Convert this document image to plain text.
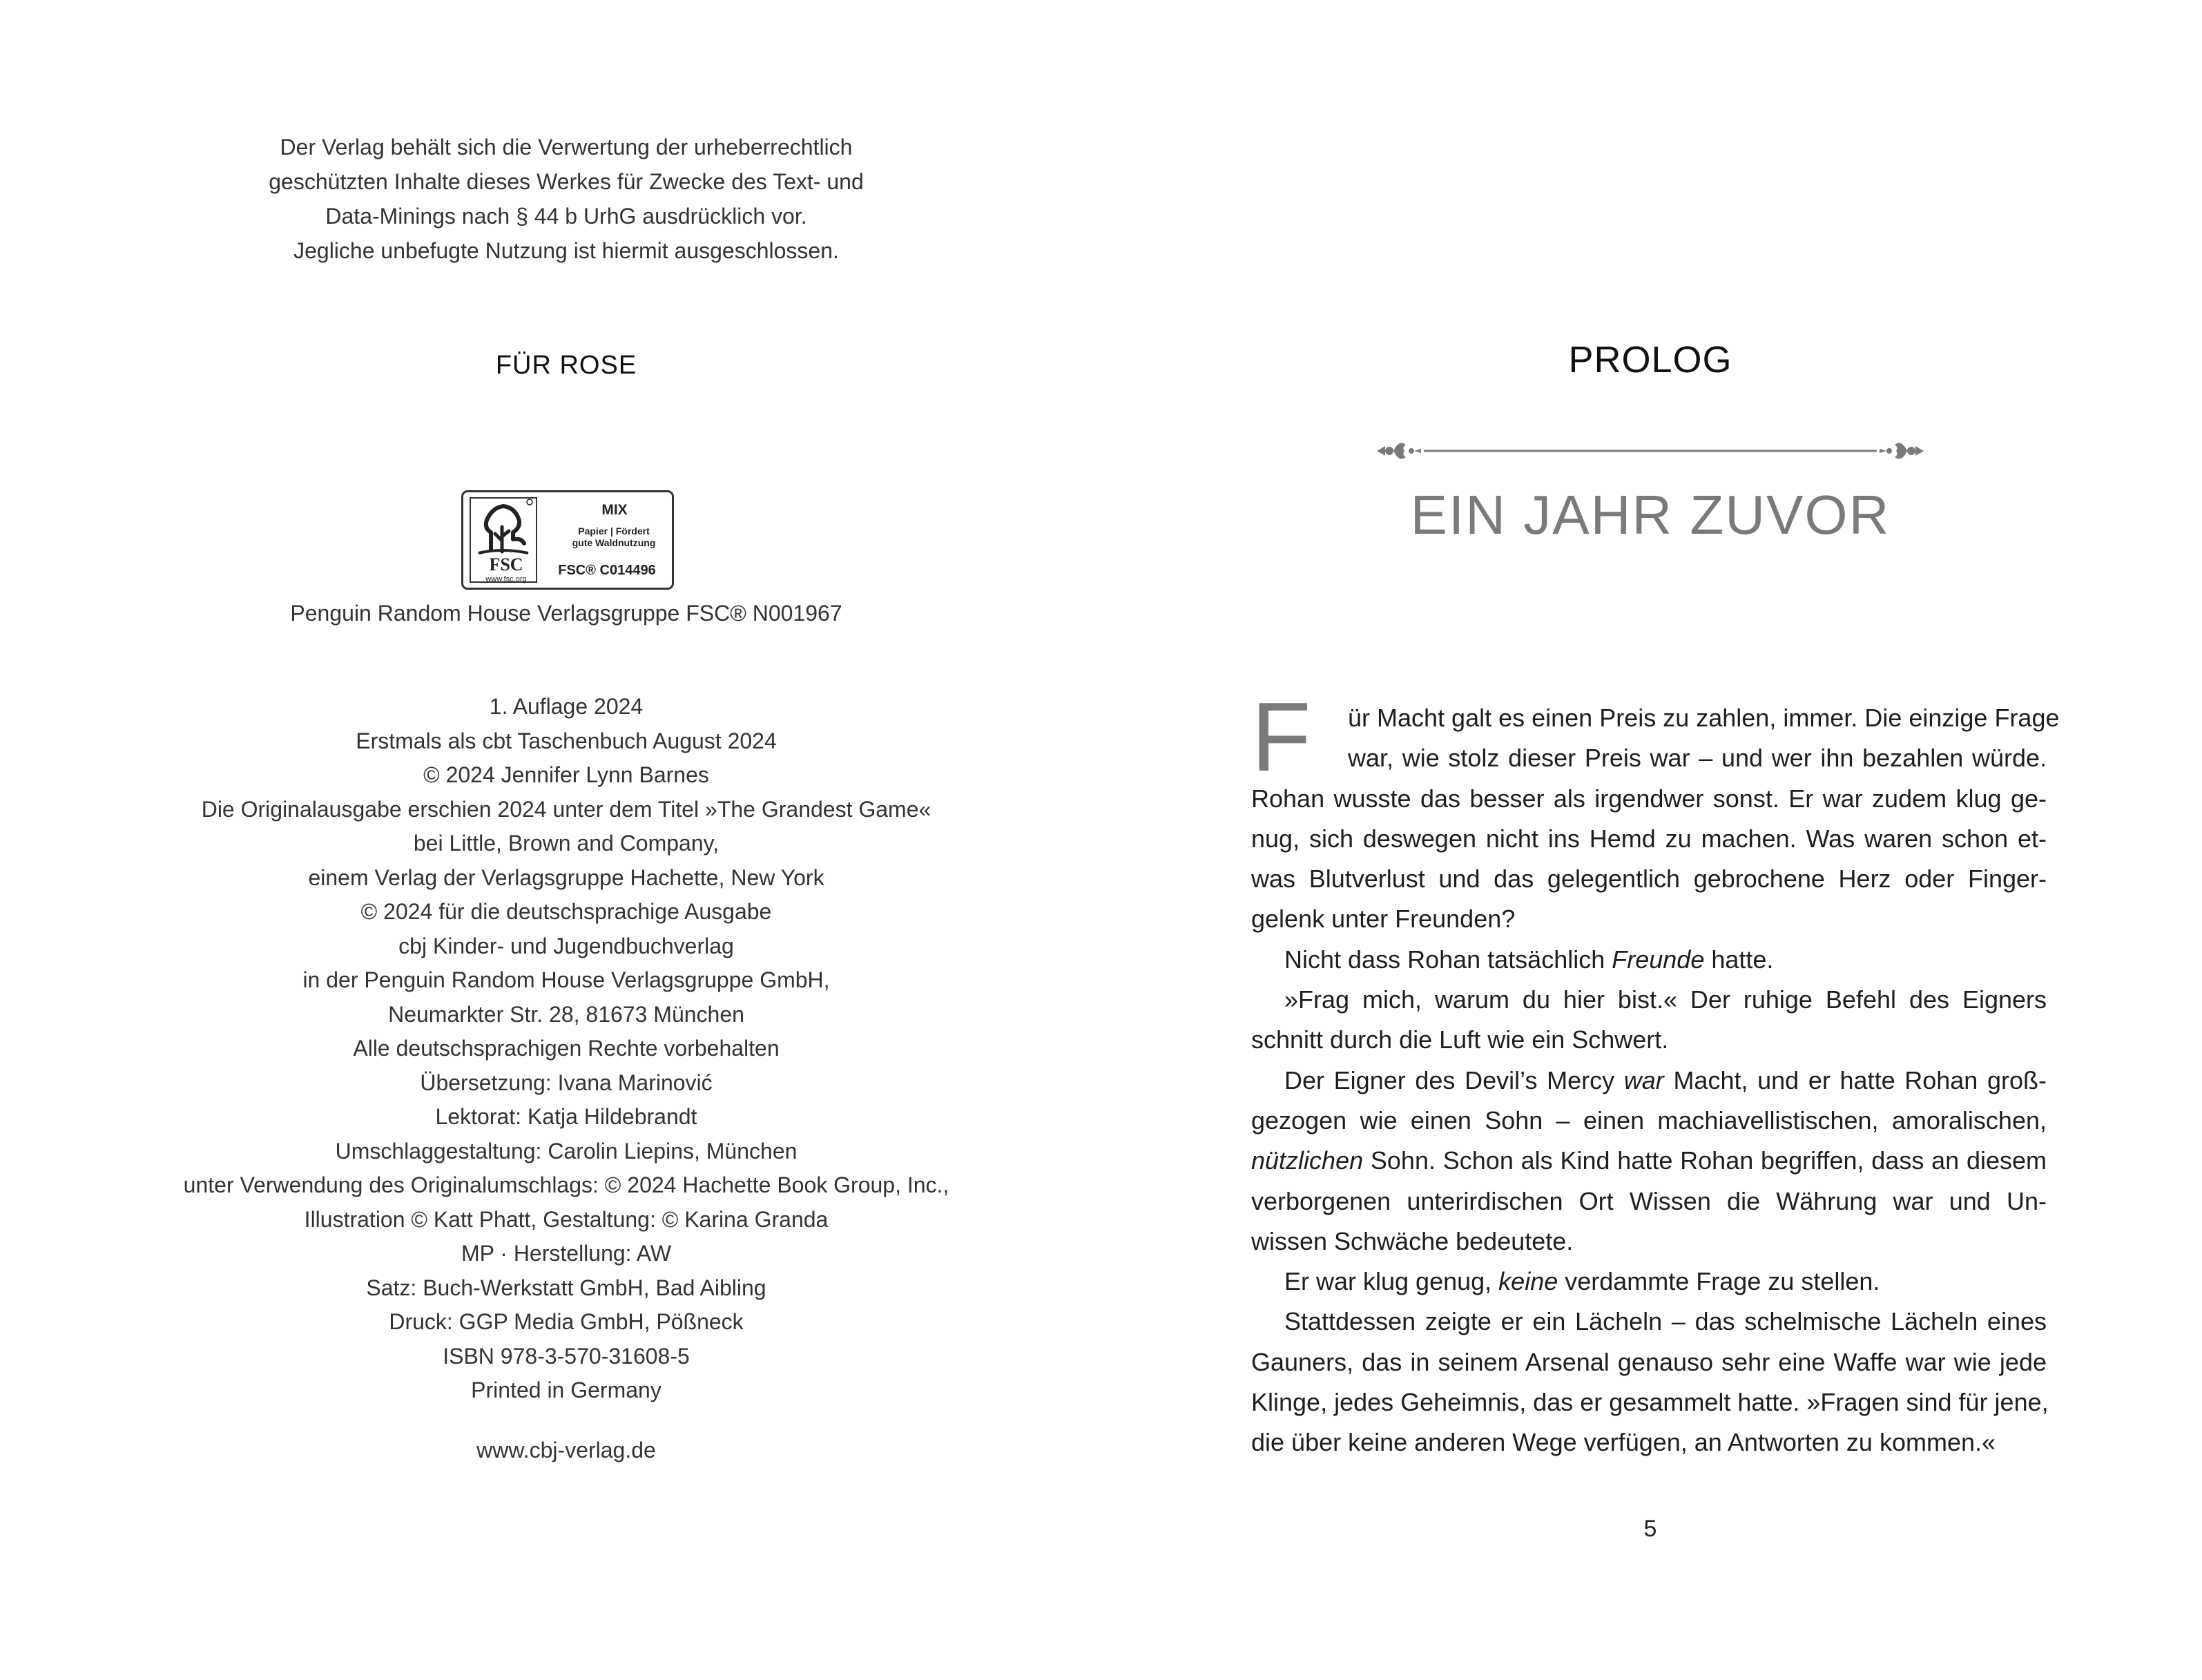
Der Verlag behält sich die Verwertung der urheberrechtlich
geschützten Inhalte dieses Werkes für Zwecke des Text- und
Data-Minings nach § 44 b UrhG ausdrücklich vor.
Jegliche unbefugte Nutzung ist hiermit ausgeschlossen.
FÜR ROSE
MIX
Papier | Fördert
gute Waldnutzung
FSC® C014496
FSC
www.fsc.org
Penguin Random House Verlagsgruppe FSC® N001967
1. Auflage 2024
Erstmals als cbt Taschenbuch August 2024
© 2024 Jennifer Lynn Barnes
Die Originalausgabe erschien 2024 unter dem Titel »The Grandest Game«
bei Little, Brown and Company,
einem Verlag der Verlagsgruppe Hachette, New York
© 2024 für die deutschsprachige Ausgabe
cbj Kinder- und Jugendbuchverlag
in der Penguin Random House Verlagsgruppe GmbH,
Neumarkter Str. 28, 81673 München
Alle deutschsprachigen Rechte vorbehalten
Übersetzung: Ivana Marinović
Lektorat: Katja Hildebrandt
Umschlaggestaltung: Carolin Liepins, München
unter Verwendung des Originalumschlags: © 2024 Hachette Book Group, Inc.,
Illustration © Katt Phatt, Gestaltung: © Karina Granda
MP · Herstellung: AW
Satz: Buch-Werkstatt GmbH, Bad Aibling
Druck: GGP Media GmbH, Pößneck
ISBN 978-3-570-31608-5
Printed in Germany
www.cbj-verlag.de
PROLOG
EIN JAHR ZUVOR
F	ür Macht galt es einen Preis zu zahlen, immer. Die einzige Frage
war, wie stolz dieser Preis war – und wer ihn bezahlen würde.
Rohan wusste das besser als irgendwer sonst. Er war zudem klug ge-
nug, sich deswegen nicht ins Hemd zu machen. Was waren schon et-
was Blutverlust und das gelegentlich gebrochene Herz oder Finger-
gelenk unter Freunden?
Nicht dass Rohan tatsächlich Freunde hatte.
»Frag mich, warum du hier bist.« Der ruhige Befehl des Eigners
schnitt durch die Luft wie ein Schwert.
Der Eigner des Devil’s Mercy war Macht, und er hatte Rohan groß-
gezogen wie einen Sohn – einen machiavellistischen, amoralischen,
nützlichen Sohn. Schon als Kind hatte Rohan begriffen, dass an diesem
verborgenen unterirdischen Ort Wissen die Währung war und Un-
wissen Schwäche bedeutete.
Er war klug genug, keine verdammte Frage zu stellen.
Stattdessen zeigte er ein Lächeln – das schelmische Lächeln eines
Gauners, das in seinem Arsenal genauso sehr eine Waffe war wie jede
Klinge, jedes Geheimnis, das er gesammelt hatte. »Fragen sind für jene,
die über keine anderen Wege verfügen, an Antworten zu kommen.«
5
